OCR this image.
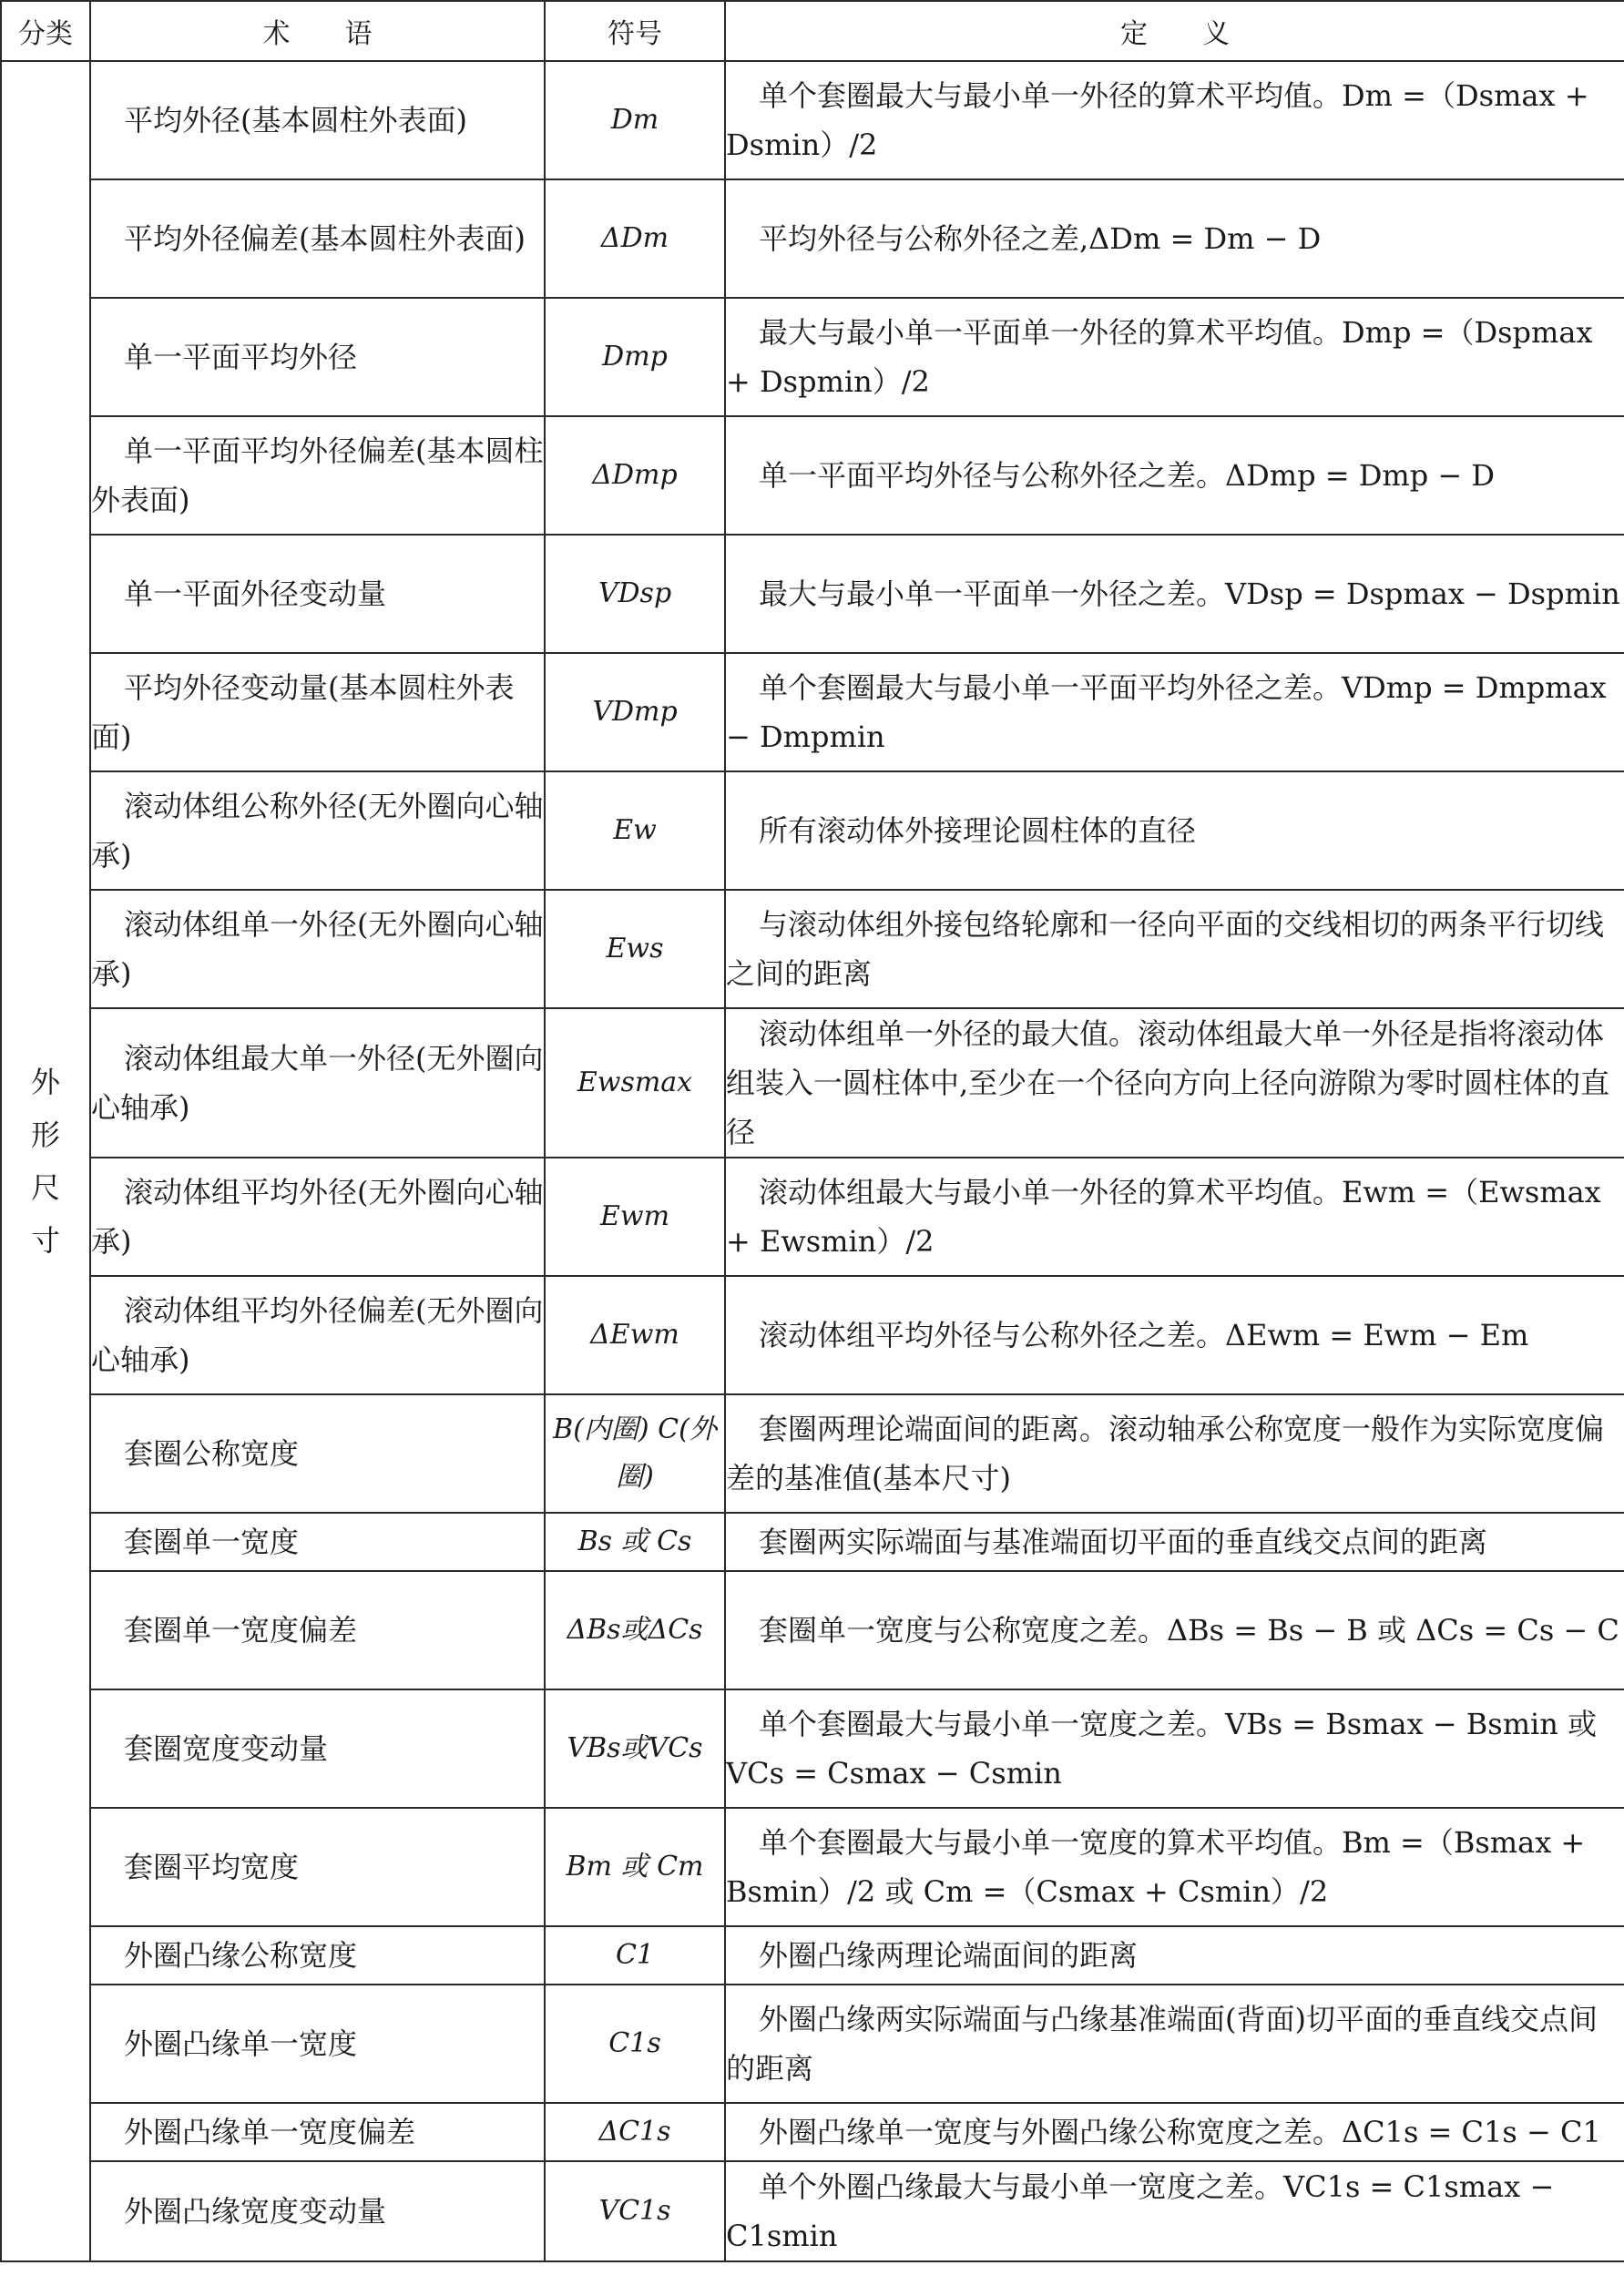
分类	术　　语	符号	定　　义

外
形
尺
寸	平均外径(基本圆柱外表面)	Dm	单个套圈最大与最小单一外径的算术平均值。Dm =（Dsmax + Dsmin）/2
	平均外径偏差(基本圆柱外表面)	ΔDm	平均外径与公称外径之差,ΔDm = Dm − D
	单一平面平均外径	Dmp	最大与最小单一平面单一外径的算术平均值。Dmp =（Dspmax + Dspmin）/2
	单一平面平均外径偏差(基本圆柱外表面)	ΔDmp	单一平面平均外径与公称外径之差。ΔDmp = Dmp − D
	单一平面外径变动量	VDsp	最大与最小单一平面单一外径之差。VDsp = Dspmax − Dspmin
	平均外径变动量(基本圆柱外表面)	VDmp	单个套圈最大与最小单一平面平均外径之差。VDmp = Dmpmax − Dmpmin
	滚动体组公称外径(无外圈向心轴承)	Ew	所有滚动体外接理论圆柱体的直径
	滚动体组单一外径(无外圈向心轴承)	Ews	与滚动体组外接包络轮廓和一径向平面的交线相切的两条平行切线之间的距离
	滚动体组最大单一外径(无外圈向心轴承)	Ewsmax	滚动体组单一外径的最大值。滚动体组最大单一外径是指将滚动体组装入一圆柱体中,至少在一个径向方向上径向游隙为零时圆柱体的直径
	滚动体组平均外径(无外圈向心轴承)	Ewm	滚动体组最大与最小单一外径的算术平均值。Ewm =（Ewsmax + Ewsmin）/2
	滚动体组平均外径偏差(无外圈向心轴承)	ΔEwm	滚动体组平均外径与公称外径之差。ΔEwm = Ewm − Em
	套圈公称宽度	B(内圈) C(外圈)	套圈两理论端面间的距离。滚动轴承公称宽度一般作为实际宽度偏差的基准值(基本尺寸)
	套圈单一宽度	Bs 或 Cs	套圈两实际端面与基准端面切平面的垂直线交点间的距离
	套圈单一宽度偏差	ΔBs或ΔCs	套圈单一宽度与公称宽度之差。ΔBs = Bs − B 或 ΔCs = Cs − C
	套圈宽度变动量	VBs或VCs	单个套圈最大与最小单一宽度之差。VBs = Bsmax − Bsmin 或 VCs = Csmax − Csmin
	套圈平均宽度	Bm 或 Cm	单个套圈最大与最小单一宽度的算术平均值。Bm =（Bsmax + Bsmin）/2 或 Cm =（Csmax + Csmin）/2
	外圈凸缘公称宽度	C1	外圈凸缘两理论端面间的距离
	外圈凸缘单一宽度	C1s	外圈凸缘两实际端面与凸缘基准端面(背面)切平面的垂直线交点间的距离
	外圈凸缘单一宽度偏差	ΔC1s	外圈凸缘单一宽度与外圈凸缘公称宽度之差。ΔC1s = C1s − C1
	外圈凸缘宽度变动量	VC1s	单个外圈凸缘最大与最小单一宽度之差。VC1s = C1smax − C1smin
